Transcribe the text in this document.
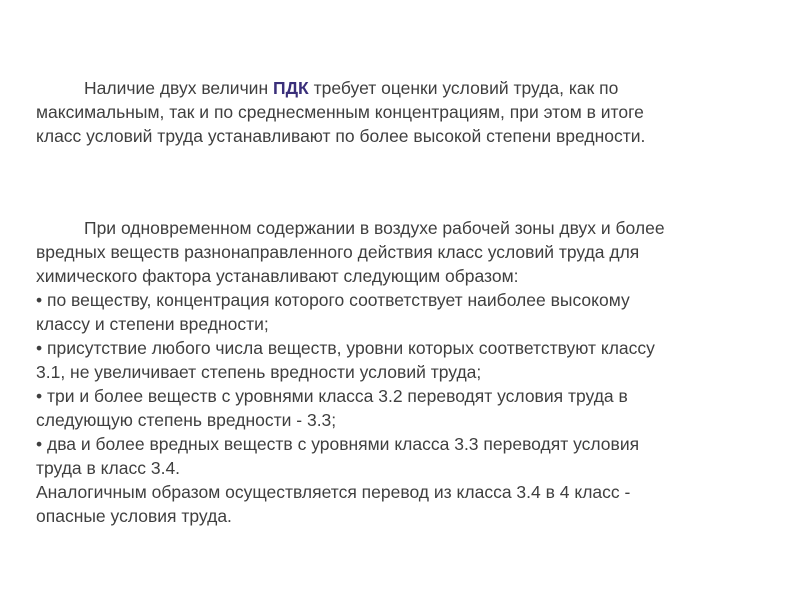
Наличие двух величин ПДК требует оценки условий труда, как по
максимальным, так и по среднесменным концентрациям, при этом в итоге
класс условий труда устанавливают по более высокой степени вредности.
При одновременном содержании в воздухе рабочей зоны двух и более
вредных веществ разнонаправленного действия класс условий труда для
химического фактора устанавливают следующим образом:
• по веществу, концентрация которого соответствует наиболее высокому
классу и степени вредности;
• присутствие любого числа веществ, уровни которых соответствуют классу
3.1, не увеличивает степень вредности условий труда;
• три и более веществ с уровнями класса 3.2 переводят условия труда в
следующую степень вредности - 3.3;
• два и более вредных веществ с уровнями класса 3.3 переводят условия
труда в класс 3.4.
Аналогичным образом осуществляется перевод из класса 3.4 в 4 класс -
опасные условия труда.
